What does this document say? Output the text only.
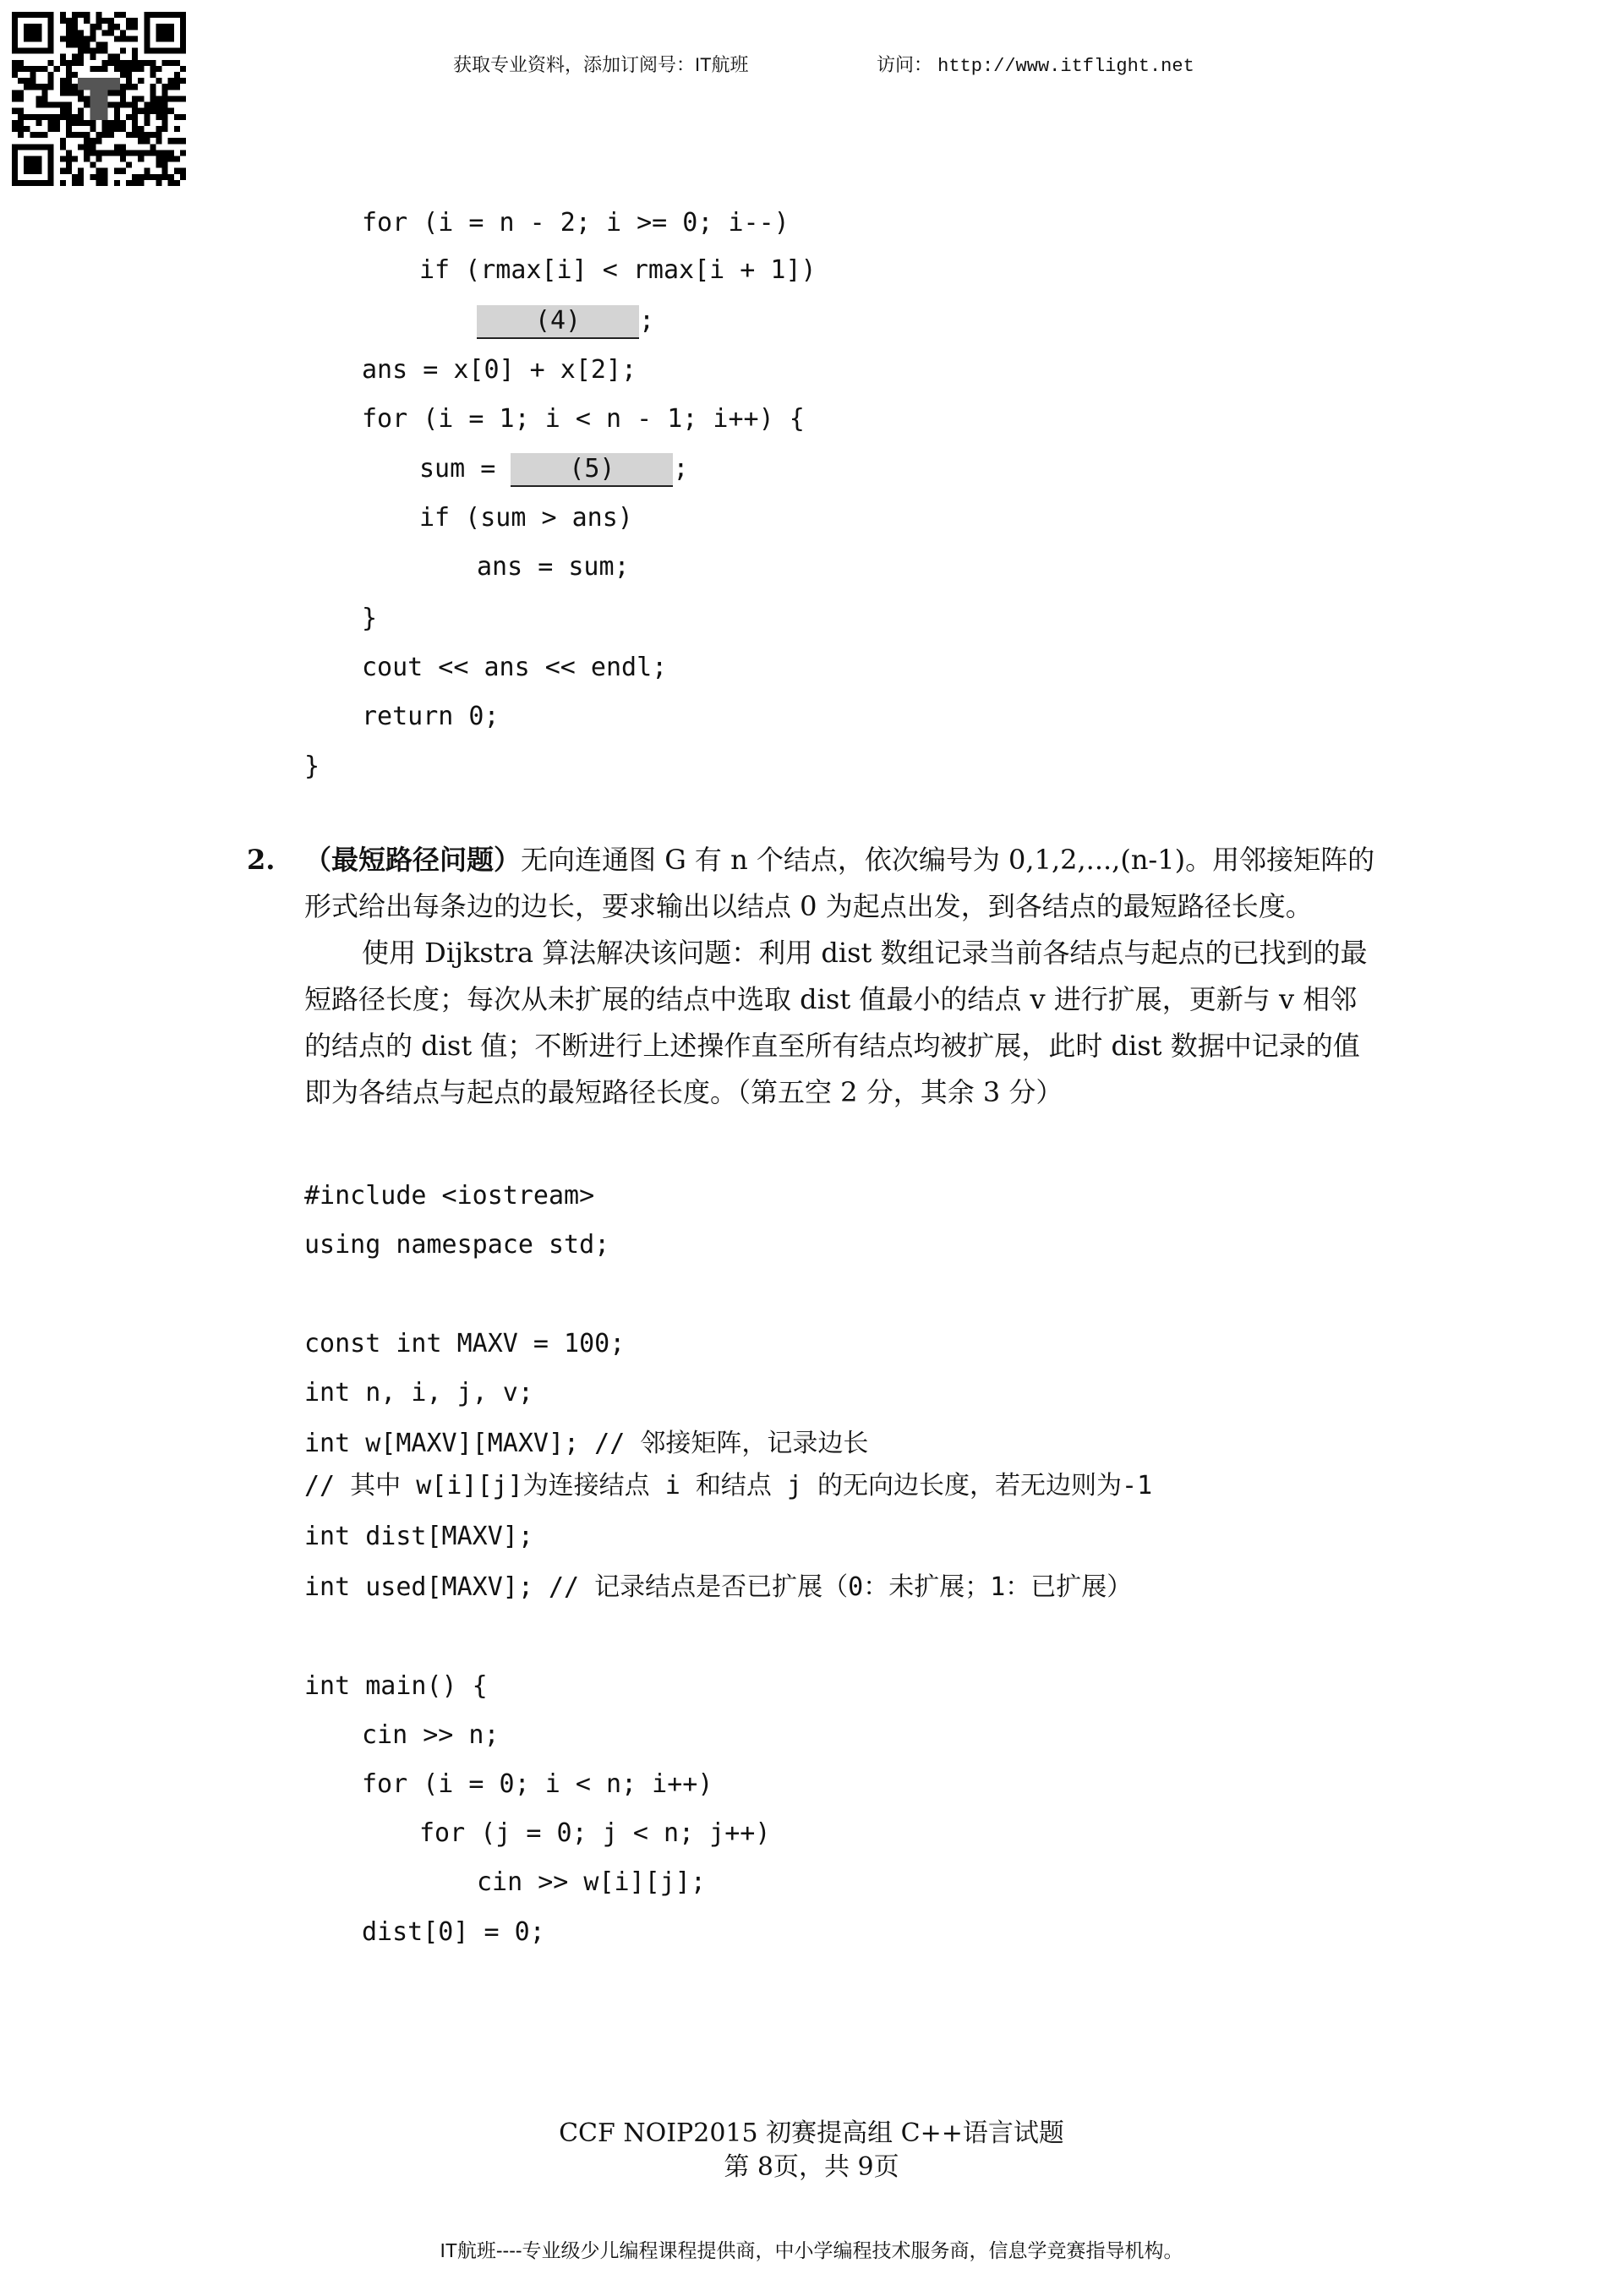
获取专业资料，添加订阅号：IT航班	访问： http://www.itflight.net
for (i = n - 2; i >= 0; i--)
if (rmax[i] < rmax[i + 1])
(4) ;
ans = x[0] + x[2];
for (i = 1; i < n - 1; i++) {
sum = (5) ;
if (sum > ans)
ans = sum;
}
cout << ans << endl;
return 0;
}
2. （最短路径问题）无向连通图 G 有 n 个结点，依次编号为 0,1,2,...,(n-1)。用邻接矩阵的
形式给出每条边的边长，要求输出以结点 0 为起点出发，到各结点的最短路径长度。
使用 Dijkstra 算法解决该问题：利用 dist 数组记录当前各结点与起点的已找到的最
短路径长度；每次从未扩展的结点中选取 dist 值最小的结点 v 进行扩展，更新与 v 相邻
的结点的 dist 值；不断进行上述操作直至所有结点均被扩展，此时 dist 数据中记录的值
即为各结点与起点的最短路径长度。（第五空 2 分，其余 3 分）
#include <iostream>
using namespace std;
const int MAXV = 100;
int n, i, j, v;
int w[MAXV][MAXV]; // 邻接矩阵，记录边长
// 其中 w[i][j]为连接结点 i 和结点 j 的无向边长度，若无边则为-1
int dist[MAXV];
int used[MAXV]; // 记录结点是否已扩展（0：未扩展；1：已扩展）
int main() {
cin >> n;
for (i = 0; i < n; i++)
for (j = 0; j < n; j++)
cin >> w[i][j];
dist[0] = 0;
CCF NOIP2015 初赛提高组 C++语言试题
第 8页，共 9页
IT航班----专业级少儿编程课程提供商，中小学编程技术服务商，信息学竞赛指导机构。
